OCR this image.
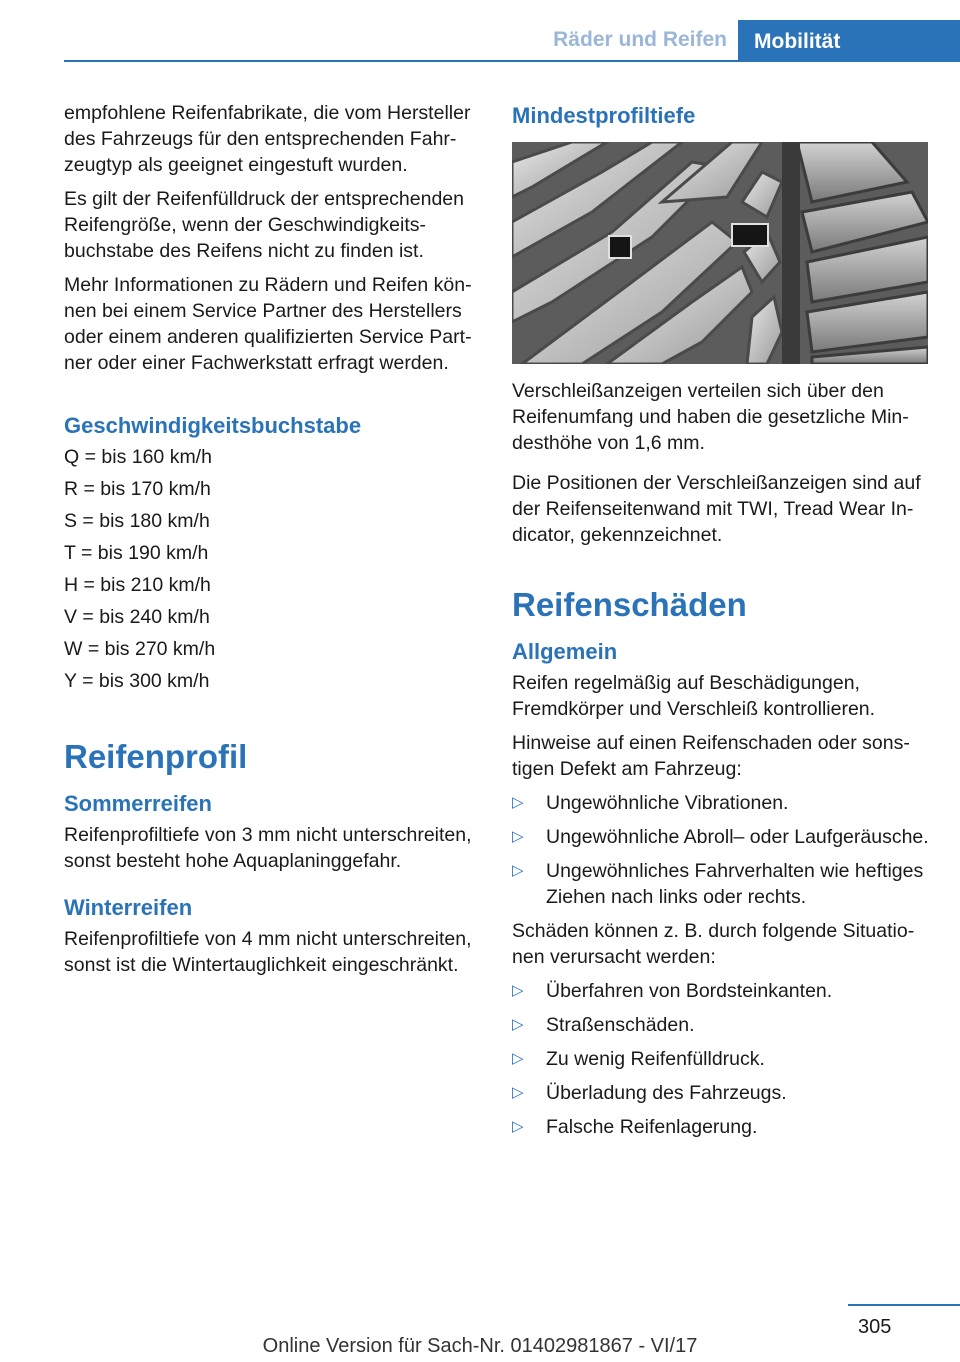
Räder und Reifen	Mobilität

empfohlene Reifenfabrikate, die vom Hersteller des Fahrzeugs für den entsprechenden Fahrzeugtyp als geeignet eingestuft wurden.

Es gilt der Reifenfülldruck der entsprechenden Reifengröße, wenn der Geschwindigkeitsbuchstabe des Reifens nicht zu finden ist.

Mehr Informationen zu Rädern und Reifen können bei einem Service Partner des Herstellers oder einem anderen qualifizierten Service Partner oder einer Fachwerkstatt erfragt werden.

Geschwindigkeitsbuchstabe

Q = bis 160 km/h

R = bis 170 km/h

S = bis 180 km/h

T = bis 190 km/h

H = bis 210 km/h

V = bis 240 km/h

W = bis 270 km/h

Y = bis 300 km/h

Reifenprofil
Sommerreifen

Reifenprofiltiefe von 3 mm nicht unterschreiten, sonst besteht hohe Aquaplaninggefahr.

Winterreifen

Reifenprofiltiefe von 4 mm nicht unterschreiten, sonst ist die Wintertauglichkeit eingeschränkt.

Mindestprofiltiefe

Verschleißanzeigen verteilen sich über den Reifenumfang und haben die gesetzliche Mindesthöhe von 1,6 mm.

Die Positionen der Verschleißanzeigen sind auf der Reifenseitenwand mit TWI, Tread Wear Indicator, gekennzeichnet.

Reifenschäden
Allgemein

Reifen regelmäßig auf Beschädigungen, Fremdkörper und Verschleiß kontrollieren.

Hinweise auf einen Reifenschaden oder sonstigen Defekt am Fahrzeug:

▷ Ungewöhnliche Vibrationen.
▷ Ungewöhnliche Abroll– oder Laufgeräusche.
▷ Ungewöhnliches Fahrverhalten wie heftiges Ziehen nach links oder rechts.

Schäden können z. B. durch folgende Situationen verursacht werden:

▷ Überfahren von Bordsteinkanten.
▷ Straßenschäden.
▷ Zu wenig Reifenfülldruck.
▷ Überladung des Fahrzeugs.
▷ Falsche Reifenlagerung.
305
Online Version für Sach-Nr. 01402981867 - VI/17
